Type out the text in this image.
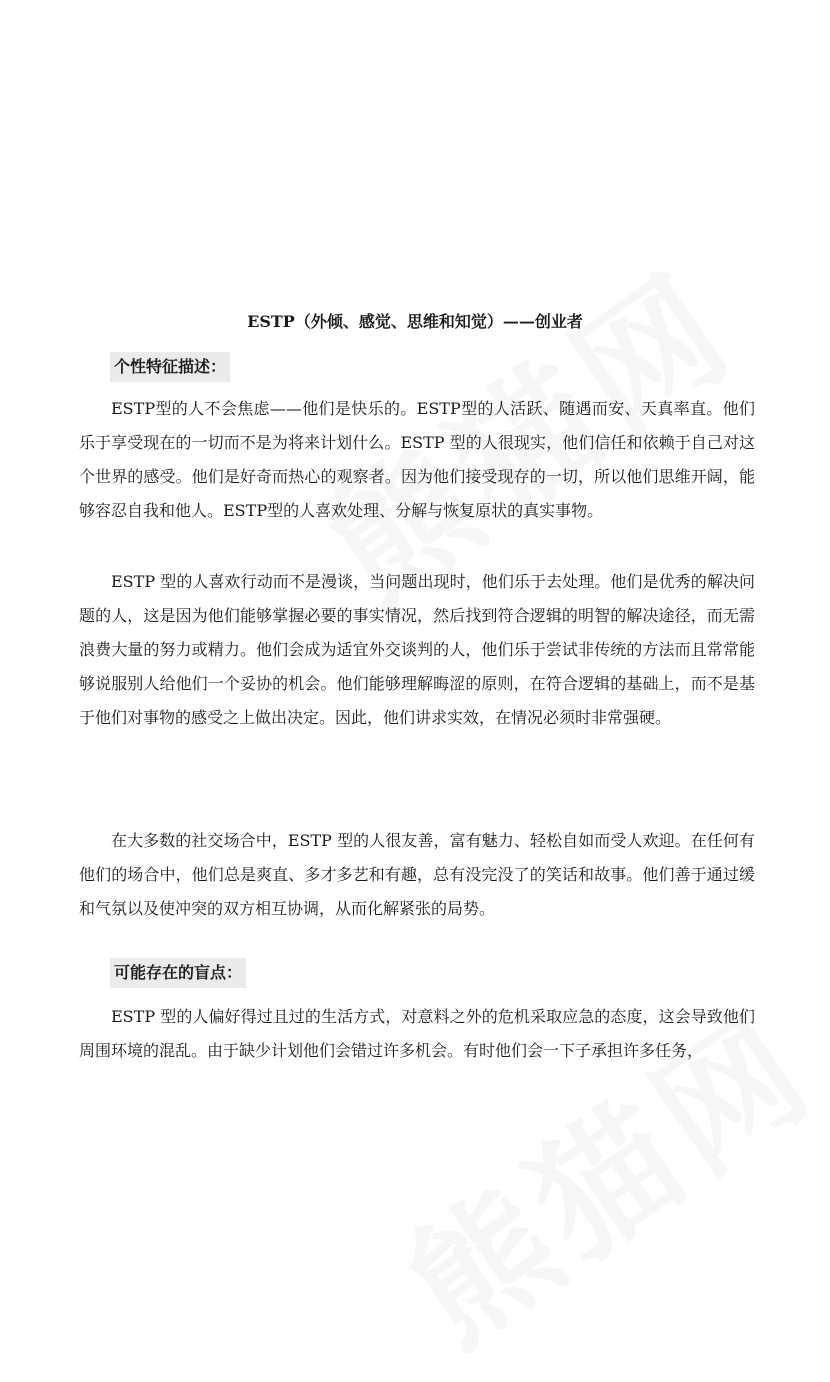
ESTP（外倾、感觉、思维和知觉）——创业者
个性特征描述：

ESTP型的人不会焦虑——他们是快乐的。ESTP型的人活跃、随遇而安、天真率直。他们乐于享受现在的一切而不是为将来计划什么。ESTP 型的人很现实，他们信任和依赖于自己对这个世界的感受。他们是好奇而热心的观察者。因为他们接受现存的一切，所以他们思维开阔，能够容忍自我和他人。ESTP型的人喜欢处理、分解与恢复原状的真实事物。

ESTP 型的人喜欢行动而不是漫谈，当问题出现时，他们乐于去处理。他们是优秀的解决问题的人，这是因为他们能够掌握必要的事实情况，然后找到符合逻辑的明智的解决途径，而无需浪费大量的努力或精力。他们会成为适宜外交谈判的人，他们乐于尝试非传统的方法而且常常能够说服别人给他们一个妥协的机会。他们能够理解晦涩的原则，在符合逻辑的基础上，而不是基于他们对事物的感受之上做出决定。因此，他们讲求实效，在情况必须时非常强硬。

在大多数的社交场合中，ESTP 型的人很友善，富有魅力、轻松自如而受人欢迎。在任何有他们的场合中，他们总是爽直、多才多艺和有趣，总有没完没了的笑话和故事。他们善于通过缓和气氛以及使冲突的双方相互协调，从而化解紧张的局势。

可能存在的盲点：

ESTP 型的人偏好得过且过的生活方式，对意料之外的危机采取应急的态度，这会导致他们周围环境的混乱。由于缺少计划他们会错过许多机会。有时他们会一下子承担许多任务，
